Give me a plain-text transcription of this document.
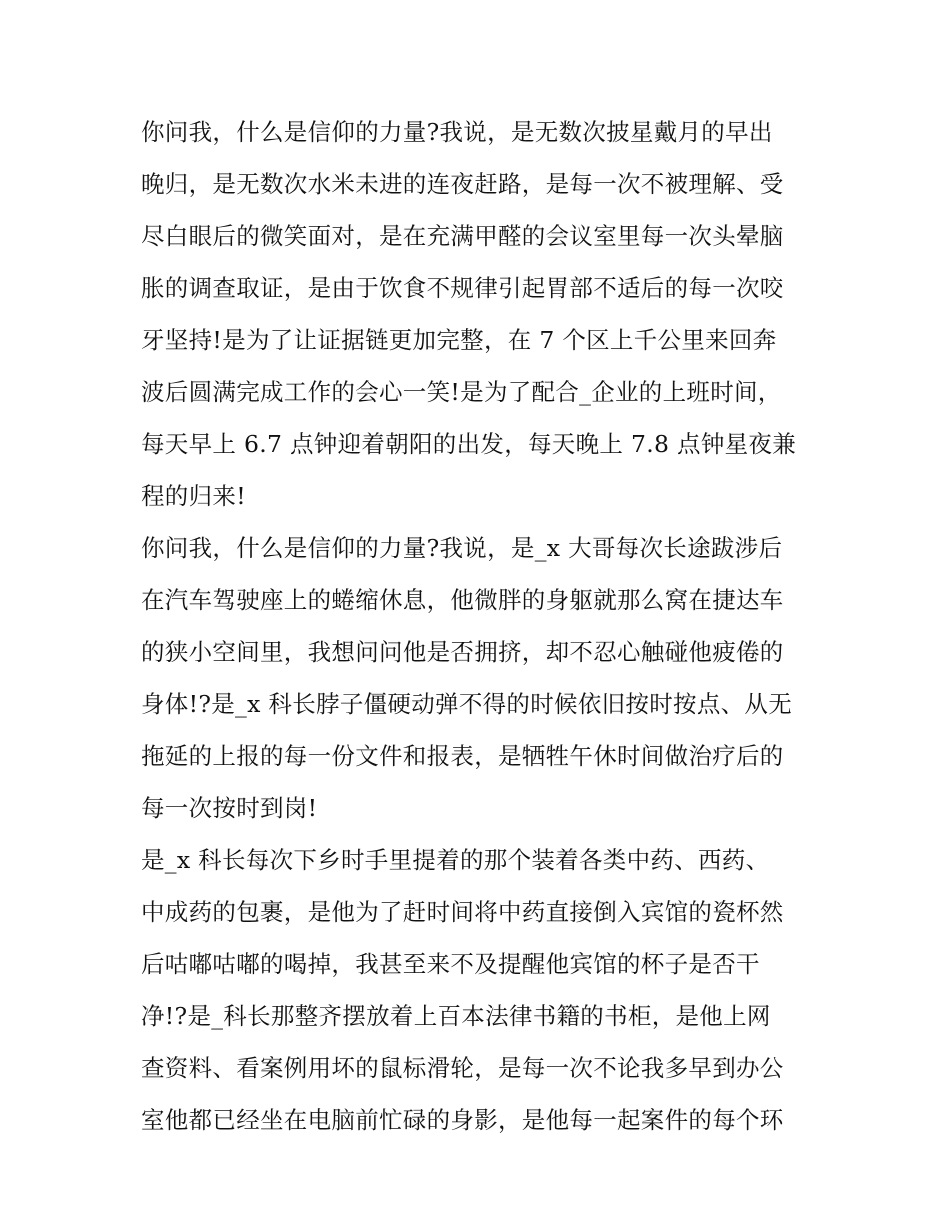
你问我，什么是信仰的力量?我说，是无数次披星戴月的早出
晚归，是无数次水米未进的连夜赶路，是每一次不被理解、受
尽白眼后的微笑面对，是在充满甲醛的会议室里每一次头晕脑
胀的调查取证，是由于饮食不规律引起胃部不适后的每一次咬
牙坚持!是为了让证据链更加完整，在 7 个区上千公里来回奔
波后圆满完成工作的会心一笑!是为了配合_企业的上班时间，
每天早上 6.7 点钟迎着朝阳的出发，每天晚上 7.8 点钟星夜兼
程的归来!
你问我，什么是信仰的力量?我说，是_x 大哥每次长途跋涉后
在汽车驾驶座上的蜷缩休息，他微胖的身躯就那么窝在捷达车
的狭小空间里，我想问问他是否拥挤，却不忍心触碰他疲倦的
身体!?是_x 科长脖子僵硬动弹不得的时候依旧按时按点、从无
拖延的上报的每一份文件和报表，是牺牲午休时间做治疗后的
每一次按时到岗!
是_x 科长每次下乡时手里提着的那个装着各类中药、西药、
中成药的包裹，是他为了赶时间将中药直接倒入宾馆的瓷杯然
后咕嘟咕嘟的喝掉，我甚至来不及提醒他宾馆的杯子是否干
净!?是_科长那整齐摆放着上百本法律书籍的书柜，是他上网
查资料、看案例用坏的鼠标滑轮，是每一次不论我多早到办公
室他都已经坐在电脑前忙碌的身影，是他每一起案件的每个环
